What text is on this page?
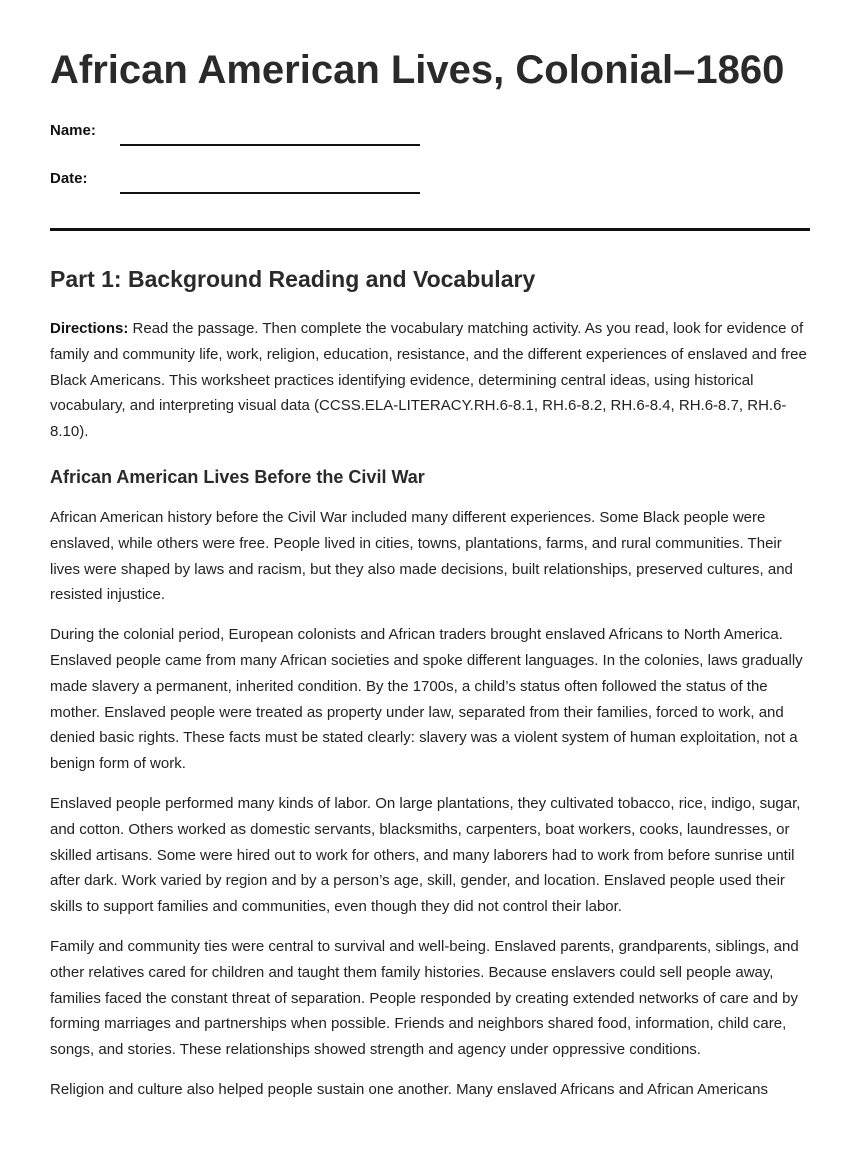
African American Lives, Colonial–1860
Name:
Date:
Part 1: Background Reading and Vocabulary

Directions: Read the passage. Then complete the vocabulary matching activity. As you read, look for evidence of family and community life, work, religion, education, resistance, and the different experiences of enslaved and free Black Americans. This worksheet practices identifying evidence, determining central ideas, using historical vocabulary, and interpreting visual data (CCSS.ELA-LITERACY.RH.6-8.1, RH.6-8.2, RH.6-8.4, RH.6-8.7, RH.6-8.10).

African American Lives Before the Civil War

African American history before the Civil War included many different experiences. Some Black people were enslaved, while others were free. People lived in cities, towns, plantations, farms, and rural communities. Their lives were shaped by laws and racism, but they also made decisions, built relationships, preserved cultures, and resisted injustice.

During the colonial period, European colonists and African traders brought enslaved Africans to North America. Enslaved people came from many African societies and spoke different languages. In the colonies, laws gradually made slavery a permanent, inherited condition. By the 1700s, a child’s status often followed the status of the mother. Enslaved people were treated as property under law, separated from their families, forced to work, and denied basic rights. These facts must be stated clearly: slavery was a violent system of human exploitation, not a benign form of work.

Enslaved people performed many kinds of labor. On large plantations, they cultivated tobacco, rice, indigo, sugar, and cotton. Others worked as domestic servants, blacksmiths, carpenters, boat workers, cooks, laundresses, or skilled artisans. Some were hired out to work for others, and many laborers had to work from before sunrise until after dark. Work varied by region and by a person’s age, skill, gender, and location. Enslaved people used their skills to support families and communities, even though they did not control their labor.

Family and community ties were central to survival and well-being. Enslaved parents, grandparents, siblings, and other relatives cared for children and taught them family histories. Because enslavers could sell people away, families faced the constant threat of separation. People responded by creating extended networks of care and by forming marriages and partnerships when possible. Friends and neighbors shared food, information, child care, songs, and stories. These relationships showed strength and agency under oppressive conditions.

Religion and culture also helped people sustain one another. Many enslaved Africans and African Americans
